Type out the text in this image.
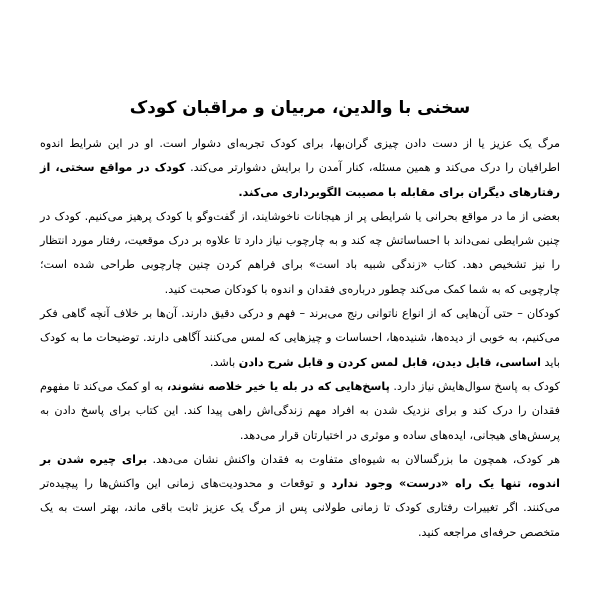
سخنی با والدین، مربیان و مراقبان کودک

مرگ یک عزیز یا از دست دادن چیزی گران‌بها، برای کودک تجربه‌ای دشوار است. او در این شرایط اندوه اطرافیان را درک می‌کند و همین مسئله، کنار آمدن را برایش دشوارتر می‌کند. کودک در مواقع سختی، از رفتارهای دیگران برای مقابله با مصیبت الگوبرداری می‌کند.

بعضی از ما در مواقع بحرانی یا شرایطی پر از هیجانات ناخوشایند، از گفت‌وگو با کودک پرهیز می‌کنیم. کودک در چنین شرایطی نمی‌داند با احساساتش چه کند و به چارچوب نیاز دارد تا علاوه بر درک موقعیت، رفتار مورد انتظار را نیز تشخیص دهد. کتاب «زندگی شبیه باد است» برای فراهم کردن چنین چارچوبی طراحی شده است؛ چارچوبی که به شما کمک می‌کند چطور درباره‌ی فقدان و اندوه با کودکان صحبت کنید.

کودکان – حتی آن‌هایی که از انواع ناتوانی رنج می‌برند – فهم و درکی دقیق دارند. آن‌ها بر خلاف آنچه گاهی فکر می‌کنیم، به خوبی از دیده‌ها، شنیده‌ها، احساسات و چیزهایی که لمس می‌کنند آگاهی دارند. توضیحات ما به کودک باید اساسی، قابل دیدن، قابل لمس کردن و قابل شرح دادن باشد.

کودک به پاسخ سوال‌هایش نیاز دارد. پاسخ‌هایی که در بله یا خیر خلاصه نشوند، به او کمک می‌کند تا مفهوم فقدان را درک کند و برای نزدیک شدن به افراد مهم زندگی‌اش راهی پیدا کند. این کتاب برای پاسخ دادن به پرسش‌های هیجانی، ایده‌های ساده و موثری در اختیارتان قرار می‌دهد.

هر کودک، همچون ما بزرگسالان به شیوه‌ای متفاوت به فقدان واکنش نشان می‌دهد. برای چیره شدن بر اندوه، تنها یک راه «درست» وجود ندارد و توقعات و محدودیت‌های زمانی این واکنش‌ها را پیچیده‌تر می‌کنند. اگر تغییرات رفتاری کودک تا زمانی طولانی پس از مرگ یک عزیز ثابت باقی ماند، بهتر است به یک متخصص حرفه‌ای مراجعه کنید.
